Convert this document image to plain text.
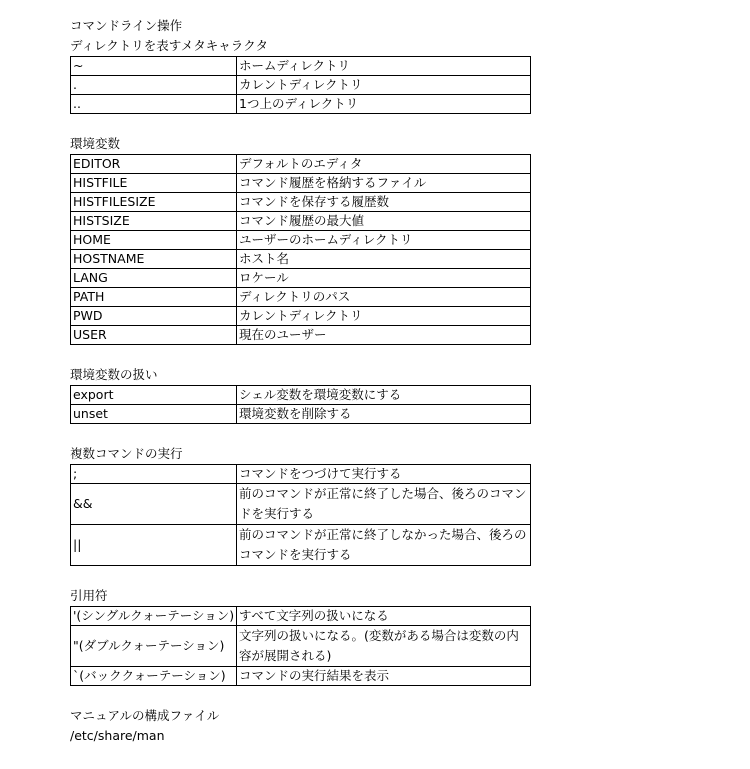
コマンドライン操作
ディレクトリを表すメタキャラクタ
~	ホームディレクトリ
.	カレントディレクトリ
..	1つ上のディレクトリ
環境変数
EDITOR	デフォルトのエディタ
HISTFILE	コマンド履歴を格納するファイル
HISTFILESIZE	コマンドを保存する履歴数
HISTSIZE	コマンド履歴の最大値
HOME	ユーザーのホームディレクトリ
HOSTNAME	ホスト名
LANG	ロケール
PATH	ディレクトリのパス
PWD	カレントディレクトリ
USER	現在のユーザー
環境変数の扱い
export	シェル変数を環境変数にする
unset	環境変数を削除する
複数コマンドの実行
;	コマンドをつづけて実行する
&&	前のコマンドが正常に終了した場合、後ろのコマンドを実行する
||	前のコマンドが正常に終了しなかった場合、後ろのコマンドを実行する
引用符
'(シングルクォーテーション)	すべて文字列の扱いになる
"(ダブルクォーテーション)	文字列の扱いになる。(変数がある場合は変数の内容が展開される)
`(バッククォーテーション)	コマンドの実行結果を表示
マニュアルの構成ファイル
/etc/share/man
